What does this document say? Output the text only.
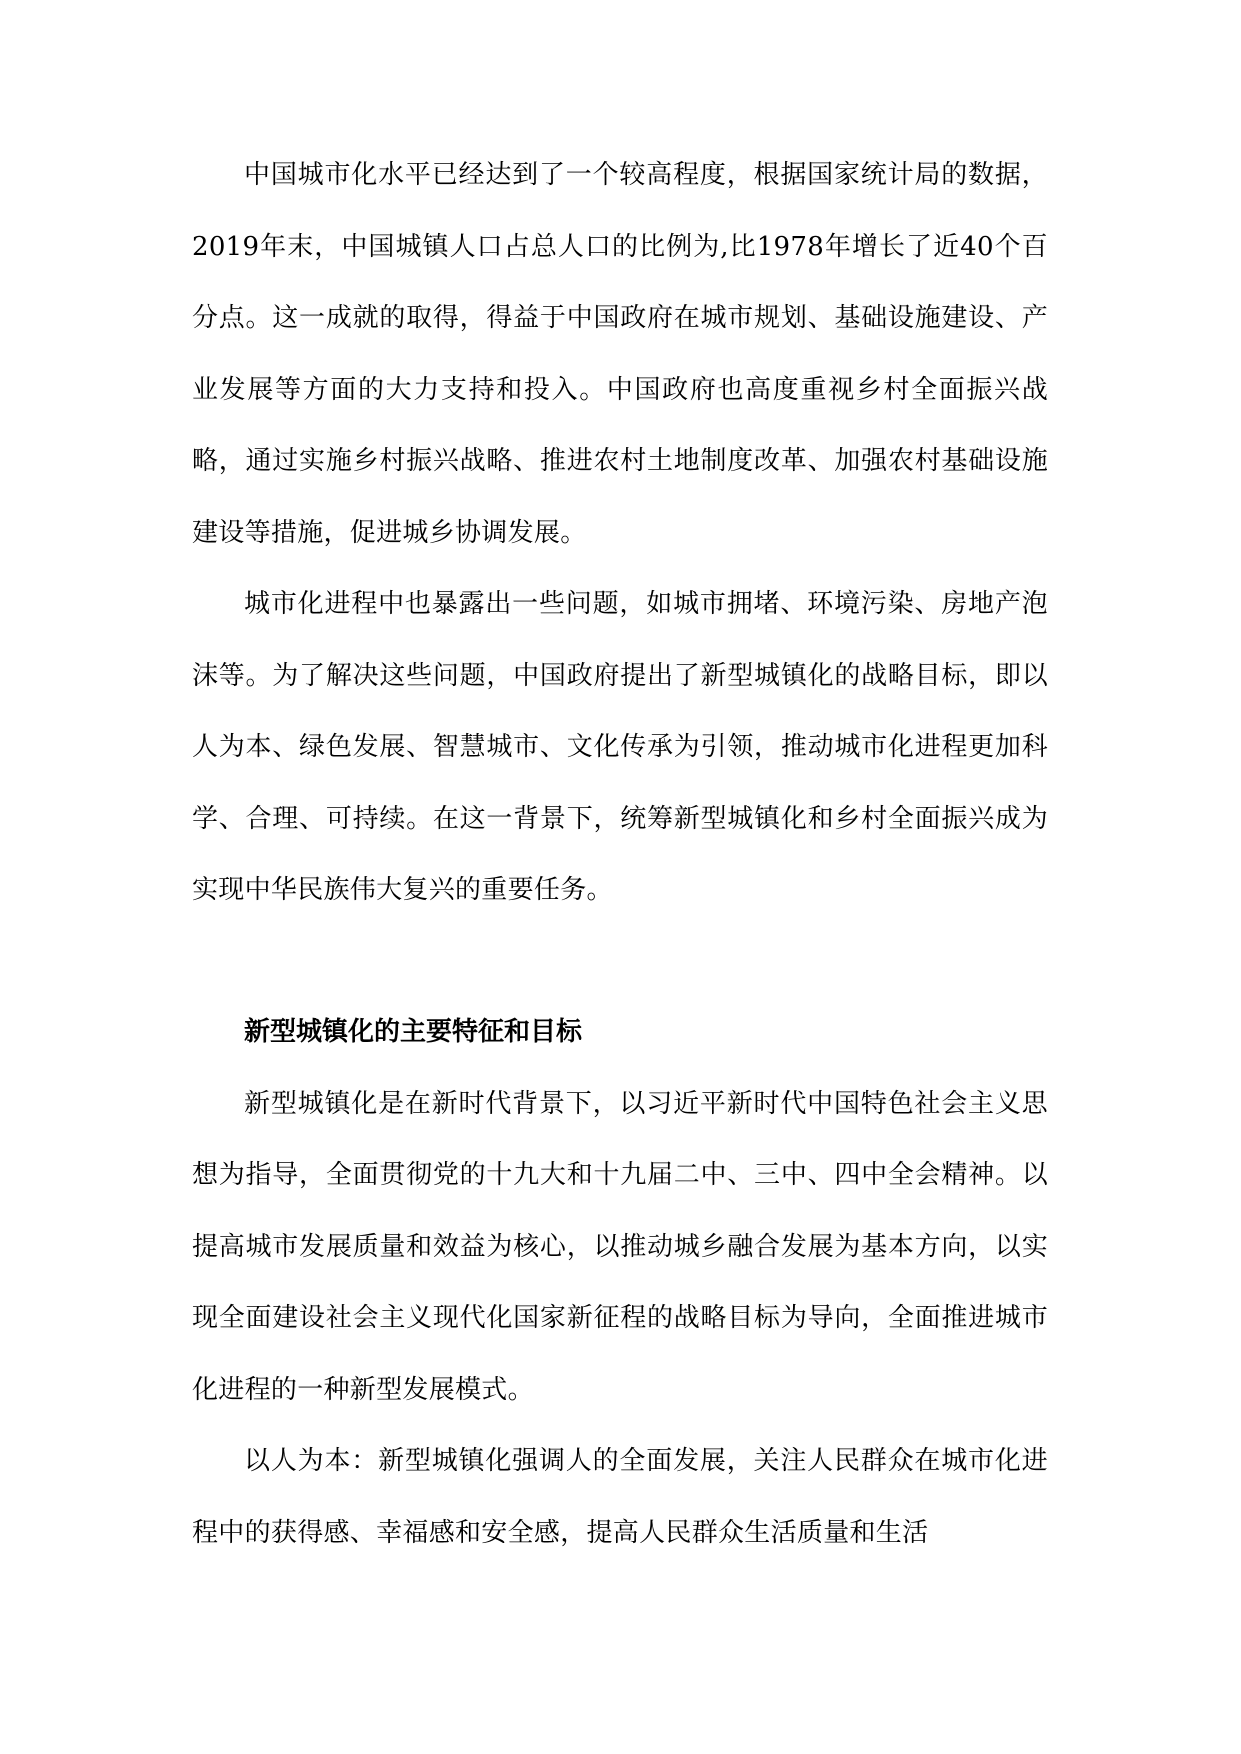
中国城市化水平已经达到了一个较高程度，根据国家统计局的数据，2019年末，中国城镇人口占总人口的比例为,比1978年增长了近40个百分点。这一成就的取得，得益于中国政府在城市规划、基础设施建设、产业发展等方面的大力支持和投入。中国政府也高度重视乡村全面振兴战略，通过实施乡村振兴战略、推进农村土地制度改革、加强农村基础设施建设等措施，促进城乡协调发展。

城市化进程中也暴露出一些问题，如城市拥堵、环境污染、房地产泡沫等。为了解决这些问题，中国政府提出了新型城镇化的战略目标，即以人为本、绿色发展、智慧城市、文化传承为引领，推动城市化进程更加科学、合理、可持续。在这一背景下，统筹新型城镇化和乡村全面振兴成为实现中华民族伟大复兴的重要任务。

新型城镇化的主要特征和目标

新型城镇化是在新时代背景下，以习近平新时代中国特色社会主义思想为指导，全面贯彻党的十九大和十九届二中、三中、四中全会精神。以提高城市发展质量和效益为核心，以推动城乡融合发展为基本方向，以实现全面建设社会主义现代化国家新征程的战略目标为导向，全面推进城市化进程的一种新型发展模式。

以人为本：新型城镇化强调人的全面发展，关注人民群众在城市化进程中的获得感、幸福感和安全感，提高人民群众生活质量和生活
